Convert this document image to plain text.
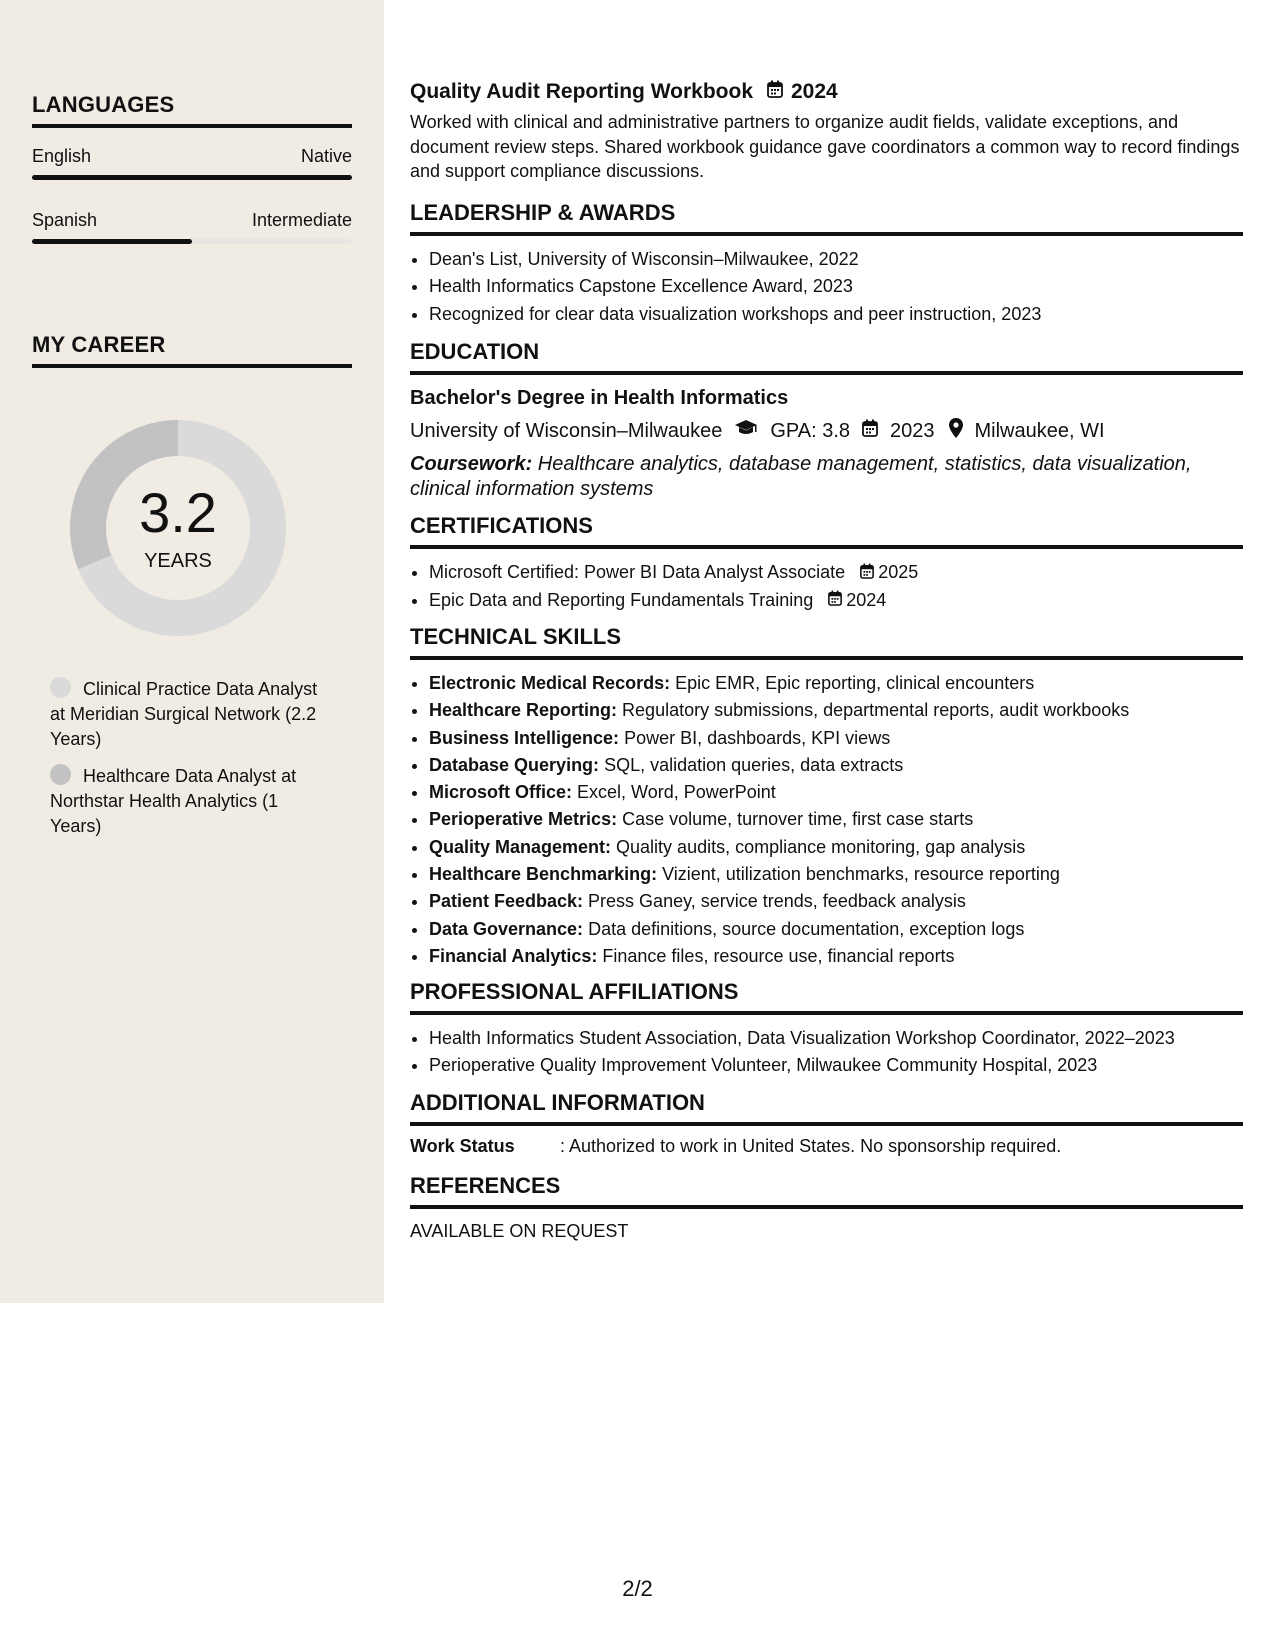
LANGUAGES
English	Native
Spanish	Intermediate
MY CAREER
3.2
YEARS
Clinical Practice Data Analyst at Meridian Surgical Network (2.2 Years)
Healthcare Data Analyst at Northstar Health Analytics (1 Years)
Quality Audit Reporting Workbook 2024
Worked with clinical and administrative partners to organize audit fields, validate exceptions, and document review steps. Shared workbook guidance gave coordinators a common way to record findings and support compliance discussions.
LEADERSHIP & AWARDS
• Dean's List, University of Wisconsin–Milwaukee, 2022
• Health Informatics Capstone Excellence Award, 2023
• Recognized for clear data visualization workshops and peer instruction, 2023
EDUCATION
Bachelor's Degree in Health Informatics
University of Wisconsin–Milwaukee GPA: 3.8 2023 Milwaukee, WI
Coursework: Healthcare analytics, database management, statistics, data visualization, clinical information systems
CERTIFICATIONS
• Microsoft Certified: Power BI Data Analyst Associate 2025
• Epic Data and Reporting Fundamentals Training 2024
TECHNICAL SKILLS
• Electronic Medical Records: Epic EMR, Epic reporting, clinical encounters
• Healthcare Reporting: Regulatory submissions, departmental reports, audit workbooks
• Business Intelligence: Power BI, dashboards, KPI views
• Database Querying: SQL, validation queries, data extracts
• Microsoft Office: Excel, Word, PowerPoint
• Perioperative Metrics: Case volume, turnover time, first case starts
• Quality Management: Quality audits, compliance monitoring, gap analysis
• Healthcare Benchmarking: Vizient, utilization benchmarks, resource reporting
• Patient Feedback: Press Ganey, service trends, feedback analysis
• Data Governance: Data definitions, source documentation, exception logs
• Financial Analytics: Finance files, resource use, financial reports
PROFESSIONAL AFFILIATIONS
• Health Informatics Student Association, Data Visualization Workshop Coordinator, 2022–2023
• Perioperative Quality Improvement Volunteer, Milwaukee Community Hospital, 2023
ADDITIONAL INFORMATION
Work Status	: Authorized to work in United States. No sponsorship required.
REFERENCES
AVAILABLE ON REQUEST
2/2
